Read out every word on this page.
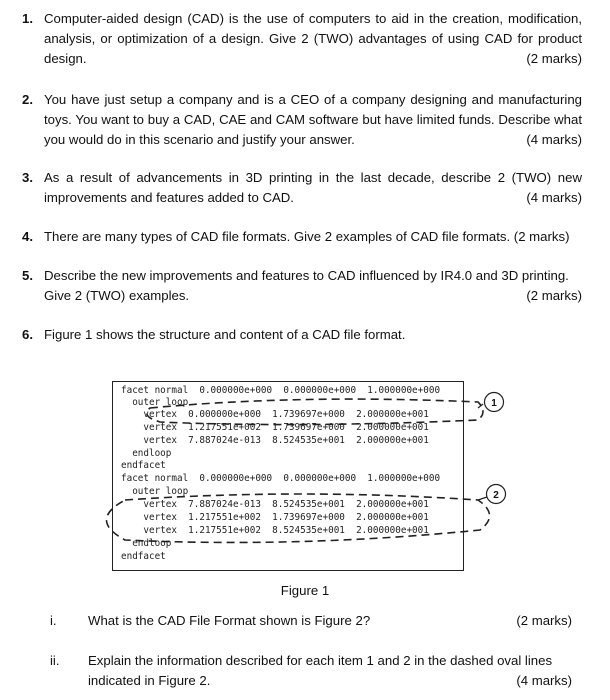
1. Computer-aided design (CAD) is the use of computers to aid in the creation, modification, analysis, or optimization of a design. Give 2 (TWO) advantages of using CAD for product design.	(2 marks)
2. You have just setup a company and is a CEO of a company designing and manufacturing toys. You want to buy a CAD, CAE and CAM software but have limited funds. Describe what you would do in this scenario and justify your answer.	(4 marks)
3. As a result of advancements in 3D printing in the last decade, describe 2 (TWO) new improvements and features added to CAD.	(4 marks)
4. There are many types of CAD file formats. Give 2 examples of CAD file formats. (2 marks)
5. Describe the new improvements and features to CAD influenced by IR4.0 and 3D printing. Give 2 (TWO) examples.	(2 marks)
6. Figure 1 shows the structure and content of a CAD file format.
facet normal  0.000000e+000  0.000000e+000  1.000000e+000
outer loop
vertex  0.000000e+000  1.739697e+000  2.000000e+001
vertex  1.217551e+002  1.739697e+000  2.000000e+001
vertex  7.887024e-013  8.524535e+001  2.000000e+001
endloop
endfacet
facet normal  0.000000e+000  0.000000e+000  1.000000e+000
outer loop
vertex  7.887024e-013  8.524535e+001  2.000000e+001
vertex  1.217551e+002  1.739697e+000  2.000000e+001
vertex  1.217551e+002  8.524535e+001  2.000000e+001
endloop
endfacet
1
2
Figure 1
i. What is the CAD File Format shown is Figure 2?	(2 marks)
ii. Explain the information described for each item 1 and 2 in the dashed oval lines indicated in Figure 2.	(4 marks)
